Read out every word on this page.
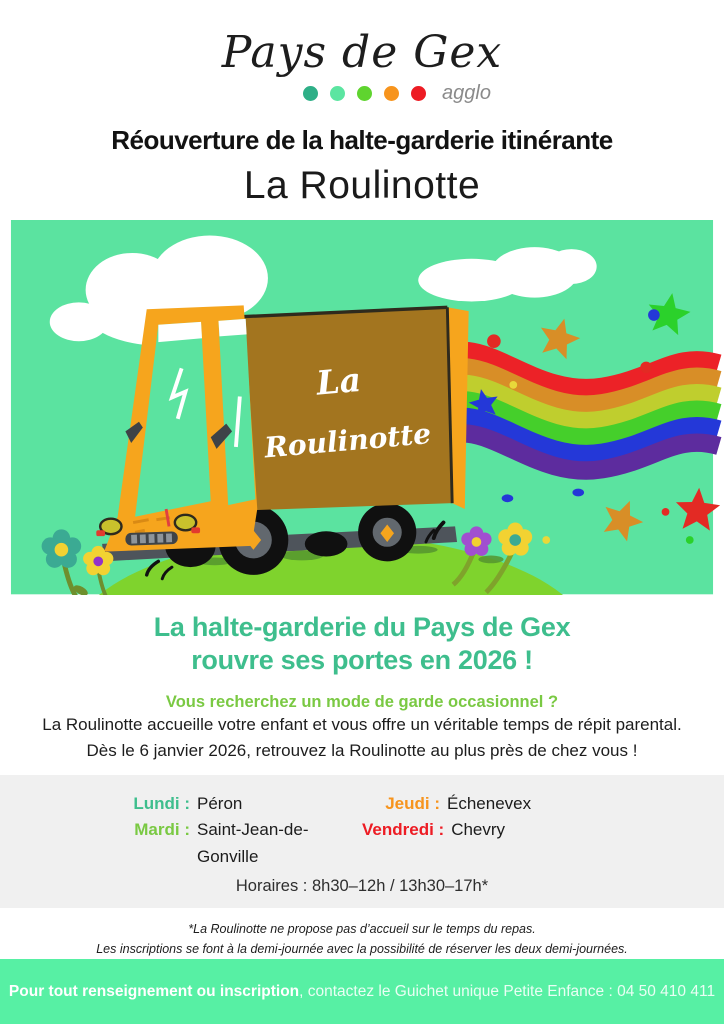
Pays de Gex
agglo
Réouverture de la halte-garderie itinérante
La Roulinotte
La
Roulinotte
La halte-garderie du Pays de Gex
rouvre ses portes en 2026 !
Vous recherchez un mode de garde occasionnel ?
La Roulinotte accueille votre enfant et vous offre un véritable temps de répit parental.
Dès le 6 janvier 2026, retrouvez la Roulinotte au plus près de chez vous !
Lundi : Péron
Mardi : Saint-Jean-de-Gonville
Jeudi : Échenevex
Vendredi : Chevry
Horaires : 8h30–12h / 13h30–17h*
*La Roulinotte ne propose pas d’accueil sur le temps du repas.
Les inscriptions se font à la demi-journée avec la possibilité de réserver les deux demi-journées.
Pour tout renseignement ou inscription, contactez le Guichet unique Petite Enfance : 04 50 410 411
